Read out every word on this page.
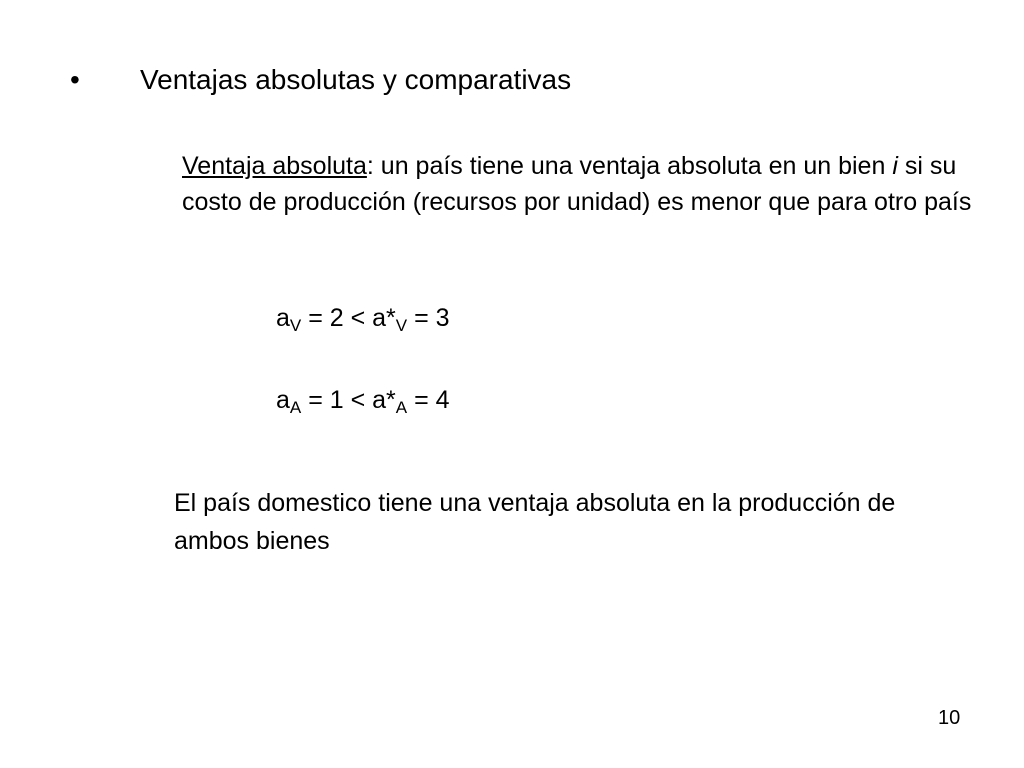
• Ventajas absolutas y comparativas
Ventaja absoluta: un país tiene una ventaja absoluta en un bien i si su costo de producción (recursos por unidad) es menor que para otro país
$a_V = 2 < a*_V = 3$
$a_A = 1 < a*_A = 4$
El país domestico tiene una ventaja absoluta en la producción de ambos bienes
10
